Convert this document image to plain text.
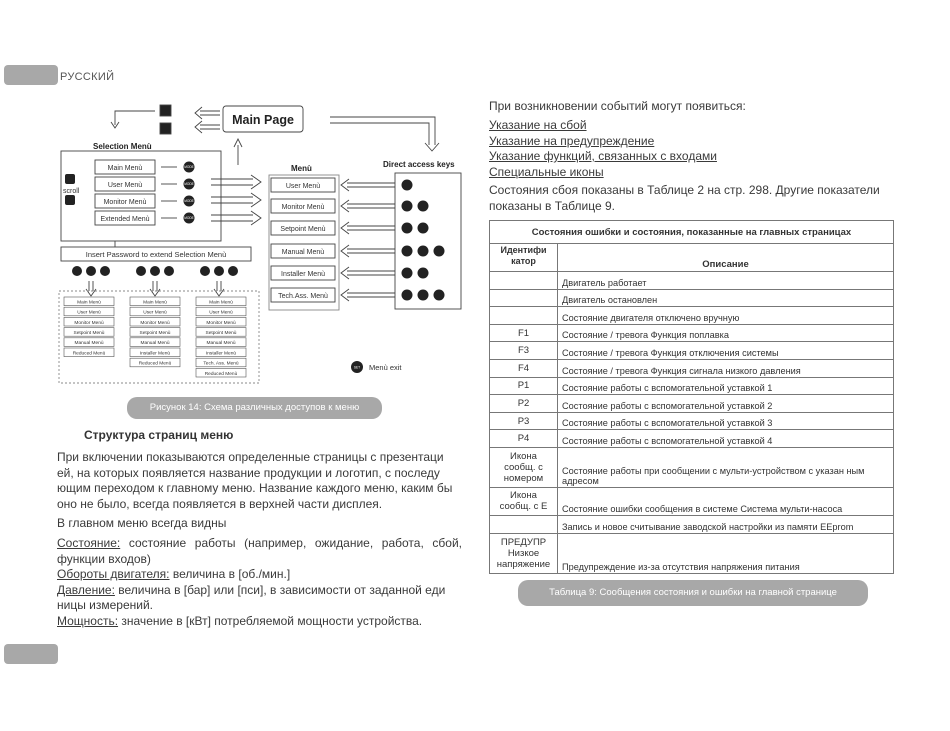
РУССКИЙ
Main Page
Selection Menù
scroll
Main Menù
User Menù
Monitor Menù
Extended Menù
Menù	Direct access keys
User Menù
Monitor Menù
Setpoint Menù
Manual Menù
Installer Menù
Tech.Ass. Menù
Insert Password to extend Selection Menù
MODE
MODE
MODE
MODE
SET Menù exit
Main Menù
User Menù
Monitor Menù
Setpoint Menù
Manual Menù
Reduced Menù
Main Menù
User Menù
Monitor Menù
Setpoint Menù
Manual Menù
Installer Menù
Reduced Menù
Main Menù
User Menù
Monitor Menù
Setpoint Menù
Manual Menù
Installer Menù
Tech. Ass. Menù
Reduced Menù
Рисунок 14: Схема различных доступов к меню
Структура страниц меню
При включении показываются определенные страницы с презентаци
ей, на которых появляется название продукции и логотип, с последу
ющим переходом к главному меню. Название каждого меню, каким бы
оно не было, всегда появляется в верхней части дисплея.
В главном меню всегда видны
Состояние: состояние работы (например, ожидание, работа, сбой,
функции входов)
Обороты двигателя: величина в [об./мин.]
Давление: величина в [бар] или [пси], в зависимости от заданной еди
ницы измерений.
Мощность: значение в [кВт] потребляемой мощности устройства.
При возникновении событий могут появиться:
Указание на сбой
Указание на предупреждение
Указание функций, связанных с входами
Специальные иконы
Состояния сбоя показаны в Таблице 2 на стр. 298. Другие показатели
показаны в Таблице 9.
Состояния ошибки и состояния, показанные на главных страницах	
Идентифи катор	Описание
	Двигатель работает
	Двигатель остановлен
	Состояние двигателя отключено вручную
F1	Состояние / тревога Функция поплавка
F3	Состояние / тревога Функция отключения системы
F4	Состояние / тревога Функция сигнала низкого давления
P1	Состояние работы с вспомогательной уставкой 1
P2	Состояние работы с вспомогательной уставкой 2
P3	Состояние работы с вспомогательной уставкой 3
P4	Состояние работы с вспомогательной уставкой 4
Икона сообщ. с номером	Состояние работы при сообщении с мульти-устройством с указан ным адресом
Икона сообщ. с E	Состояние ошибки сообщения в системе Система мульти-насоса
	Запись и новое считывание заводской настройки из памяти EEprom
ПРЕДУПР Низкое напряжение	Предупреждение из-за отсутствия напряжения питания
Таблица 9: Сообщения состояния и ошибки на главной странице
